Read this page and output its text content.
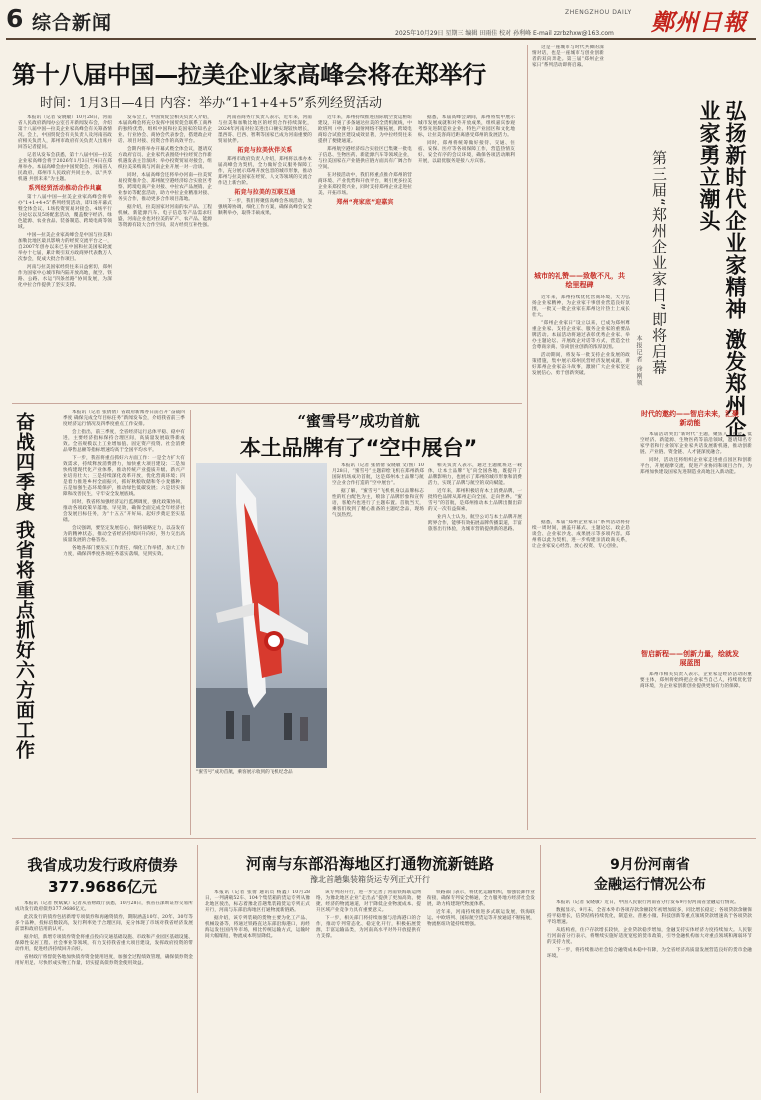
6 综合新闻	ZHENGZHOU DAILY 鄭州日報
2025年10月29日 星期三 编辑 田雨佳 校对 孙利峰 E-mail zzrbzhxw@163.com
第十八届中国—拉美企业家高峰会将在郑举行
时间：1月3日—4日 内容：举办“1+1+4+5”系列经贸活动

本报讯（记者 安晓敏）10月28日，河南省人民政府新闻办公室召开新闻发布会，介绍第十八届中国—拉美企业家高峰会有关筹备情况。会上，中国贸促会有关负责人及河南省政府相关负责人，郑州市政府有关负责人出席并回答记者提问。

记者从发布会获悉，第十八届中国—拉美企业家高峰会将于2026年1月3日至4日在郑州举办。本届高峰会由中国贸促会、河南省人民政府、郑州市人民政府共同主办，以“共享机遇 共创未来”为主题。

系列经贸活动推动合作共赢

第十八届中国—拉美企业家高峰会将举办“1+1+4+5”系列经贸活动，即1场开幕式暨全体会议、1场投资贸易对接会、4场平行分论坛以及5场配套活动，覆盖数字经济、绿色能源、农业食品、装备制造、跨境电商等领域。

中国—拉美企业家高峰会是中国与拉美和加勒比地区最具影响力的经贸交流平台之一，自2007年创办以来已在中国和拉美国家轮流举办十七届，累计吸引双方政商界代表数万人次参会，促成大批合作项目。

河南与拉美国家经贸往来日益密切，郑州作为国家中心城市和内陆开放高地，航空、铁路、公路、水运“四条丝路”协同发展，为深化中拉合作提供了坚实支撑。

发布会上，中国贸促会相关负责人介绍，本届高峰会将充分发挥中国贸促会联系工商界的独特优势，组织中国和拉美国家的知名企业、行业协会、商协会代表参会，搭建政企对话、项目对接、投资合作的高效平台。

会期内将举办开幕式暨全体会议，邀请双方政府官员、企业家代表围绕中拉经贸合作新机遇发表主旨演讲；举办投资贸易对接会，组织拉美采购商与河南企业开展一对一洽谈。

同时，本届高峰会还将举办河南—拉美贸易投资推介会、郑州航空港经济综合实验区考察、跨境电商产业对接、中拉农产品展销、企业参访等配套活动，助力中拉企业精准对接、务实合作，推动更多合作项目落地。

据介绍，拉美国家对河南的农产品、工程机械、新能源汽车、电子信息等产品需求旺盛，河南企业也对拉美的矿产、农产品、能源等资源有较大合作空间，双方经贸互补性强。

河南省商务厅负责人表示，近年来，河南与拉美和加勒比地区的经贸合作持续深化，2024年河南对拉美进出口额实现较快增长，墨西哥、巴西、智利等国家已成为河南重要的贸易伙伴。

拓竞与拉美伙伴关系

郑州市政府负责人介绍，郑州将以承办本届高峰会为契机，全力做好会议服务保障工作，充分展示郑州开放包容的城市形象，推动郑州与拉美国家在经贸、人文等领域的交流合作迈上新台阶。

拓竞与拉美的互联互通

下一步，我们将聚焦高峰会各项活动，加强统筹协调，细化工作方案，确保高峰会安全顺利举办，取得丰硕成果。

近年来，郑州持续推进国际航空货运枢纽建设，开通了多条通达拉美的全货机航线，中欧班列（中豫号）辐射网络不断拓展，跨境电商综合试验区建设成效显著，为中拉经贸往来提供了便捷通道。

郑州航空港经济综合实验区已集聚一批电子信息、生物医药、新能源汽车等领域企业，与拉美国家在产业链供应链方面具有广阔合作空间。

在对接活动中，我们将重点推介郑州的营商环境、产业优势和开放平台，吸引更多拉美企业来郑投资兴业，同时支持郑州企业走进拉美、开拓市场。

郑州“亮家底”迎嘉宾

据悉，本届高峰会期间，郑州将集中展示城市发展成就和对外开放成果，组织嘉宾参观考察先进制造业企业、特色产业园区和文化地标，让拉美客商近距离感受郑州的发展活力。

同时，郑州将统筹做好接待、交通、住宿、安保、医疗等各项保障工作，营造热情友好、安全有序的会议环境，确保各项活动顺利开展，以最优服务迎接八方宾客。

奋战四季度 我省将重点抓好六方面工作	本报讯（记者 张倩倩）省政府新闻办日前召开“奋战四季度 确保完成全年目标任务”新闻发布会，介绍我省前三季度经济运行情况及四季度重点工作安排。

会上指出，前三季度，全省经济运行总体平稳、稳中有进，主要经济指标保持合理区间，高质量发展取得新成效。全省规模以上工业增加值、固定资产投资、社会消费品零售总额等指标增速均高于全国平均水平。

下一步，我省将重点抓好六方面工作：一是全力扩大有效需求，持续释放消费潜力，加快重大项目建设；二是加快构建现代化产业体系，推动传统产业提质升级、新兴产业培育壮大；三是持续深化改革开放，优化营商环境；四是着力推进乡村全面振兴，抓好秋粮收储和冬小麦播种；五是加强生态环境保护，推动绿色低碳发展；六是切实保障和改善民生，守牢安全发展底线。

同时，我省将加强经济运行监测调度，强化政策协同，推动各项政策早落地、早见效，确保全面完成全年经济社会发展目标任务，为“十五五”开好局、起好步奠定坚实基础。

会议强调，要坚定发展信心，保持战略定力，以奋发有为的精神状态，推动全省经济持续回升向好，努力交出高质量发展的合格答卷。

各地各部门要压实工作责任，细化工作举措，加大工作力度，确保四季度各项任务落实落细，见到实效。

“蜜雪号”成功首航
本土品牌有了“空中展台”
“蜜雪号”成功首航，乘客展示收到的飞机纪念品

本报讯（记者 张倩倩 安晓敏 文/图）10月28日，“蜜雪号”主题彩绘飞机在郑州新郑国际机场成功首航，这是郑州本土品牌与航空企业合作打造的“空中展台”。

据了解，“蜜雪号”飞机机身以品牌标志性的红白配色为主，喷涂了品牌形象和宣传语，客舱内也进行了主题布置。首航当天，乘客们收到了精心准备的主题纪念品，现场气氛热烈。

相关负责人表示，通过主题航班这一载体，让本土品牌“飞”向全国各地，既提升了品牌影响力，也展示了郑州的城市形象和消费活力，实现了品牌与航空的双向赋能。

近年来，郑州积极培育本土消费品牌，一批特色品牌从郑州走向全国、走向世界。“蜜雪号”的首航，是郑州推动本土品牌出圈出彩的又一次有益探索。

业内人士认为，航空公司与本土品牌开展跨界合作，能够有效拓展品牌传播渠道，丰富旅客出行体验，为城市营销提供新的思路。

这是一座城市与时代共舞的深情对话，也是一座城市与创业创新者的双向奔赴。第三届“郑州企业家日”系列活动即将启幕。

弘扬新时代企业家精神 激发郑州企业家勇立潮头
第三届“郑州企业家日”即将启幕
本报记者 徐刚领
城市的礼赞——致敬不凡，共绘里程碑

近年来，郑州持续优化营商环境，大力弘扬企业家精神，为企业家干事创业营造良好氛围，一批又一批企业家在郑州这片热土上成长壮大。

“郑州企业家日”设立以来，已成为郑州尊重企业家、支持企业家、服务企业家的重要品牌活动。本届活动将通过表彰优秀企业家、举办主题论坛、开展政企对话等方式，营造全社会尊商亲商、崇尚创业创新的浓厚氛围。

活动期间，将发布一批支持企业发展的政策措施，集中展示郑州民营经济发展成就，讲好郑州企业家奋斗故事，激励广大企业家坚定发展信心、勇于创新突破。

时代的邀约——智启未来，汇聚新动能

本届活动突出“新时代”主题，聚焦人工智能、低空经济、新能源、生物医药等前沿领域，邀请知名专家学者和行业领军企业家共话发展新机遇，推动创新链、产业链、资金链、人才链深度融合。

同时，活动还将组织企业家走进重点园区和创新平台，开展观摩交流，促进产业协同和项目合作，为郑州加快建设国家先进制造业高地注入新动能。

据悉，本届“郑州企业家日”系列活动将持续一周时间，涵盖开幕式、主题论坛、政企恳谈会、企业家沙龙、成果展示等多项内容。郑州将以此为契机，进一步构建亲清政商关系，让企业家安心经营、放心投资、专心创业。

智启新程——创新力量，绘就发展蓝图

郑州市相关负责人表示，企业家是经济活动的重要主体，郑州将始终把企业家当自己人，持续优化营商环境，为企业家创新创业提供更加有力的保障。

我省成功发行政府债券
377.9686亿元

本报讯（记者 侯斌斌）记者从省财政厅获悉，10月28日，我省在深圳证券交易所成功发行政府债券377.9686亿元。

此次发行的债券包括新增专项债券和再融资债券，期限涵盖10年、20年、30年等多个品种，投标倍数较高，发行利率处于合理区间，充分体现了市场对我省经济发展前景和政府信用的认可。

据介绍，新增专项债券资金将重点投向交通基础设施、市政和产业园区基础设施、保障性安居工程、社会事业等领域，有力支持我省重大项目建设，发挥政府投资的带动作用，促进经济持续回升向好。

省财政厅将督促各地加快债券资金使用进度，加强全过程绩效管理，确保债券资金用好用足、尽快形成实物工作量，切实提高债券资金使用效益。

河南与东部沿海地区打通物流新链路
豫北首趟集装箱货运专列正式开行

本报讯（记者 张倩 通讯员 杨鑫）10月28日，一列满载52车、104个集装箱的货运专列从豫北地区驶出，标志着豫北首趟集装箱货运专列正式开行，河南与东部沿海地区打通物流新链路。

据介绍，该专列装载的货物主要为化工产品、机械设备等，将通过铁路直达东部沿海港口，再经海运发往国内外市场，相比传统运输方式，运输时间大幅缩短，物流成本明显降低。

该专列的开行，进一步完善了河南铁海联运网络，为豫北地区企业“走出去”提供了更加高效、便捷、经济的物流通道，对于降低企业物流成本、提升区域产业竞争力具有重要意义。

下一步，相关部门将持续加强与沿海港口的合作，推动专列常态化、稳定化开行，积极拓展货源，丰富运输品类，为河南高水平对外开放提供有力支撑。

铁路部门表示，将优化运输组织，加强装卸作业衔接，确保专列安全畅通，全力服务地方经济社会发展，助力构建现代物流体系。

近年来，河南持续推进多式联运发展，铁海联运、中欧班列、国际航空货运等开放通道不断拓展，物流枢纽功能持续增强。

9月份河南省
金融运行情况公布

本报讯（记者 安晓敏）近日，中国人民银行河南省分行发布9月份河南省金融运行情况。

数据显示，9月末，全省本外币各项存款余额较年初增加较多，同比增长稳定；各项贷款余额保持平稳增长，信贷结构持续优化，制造业、普惠小微、科技创新等重点领域贷款增速高于各项贷款平均增速。

从结构看，住户存款增长较快，企业贷款稳步增加，金融支持实体经济力度持续加大。人民银行河南省分行表示，将继续实施好适度宽松的货币政策，引导金融机构加大对重点领域和薄弱环节的支持力度。

下一步，将持续推动社会综合融资成本稳中有降，为全省经济高质量发展营造良好的货币金融环境。
